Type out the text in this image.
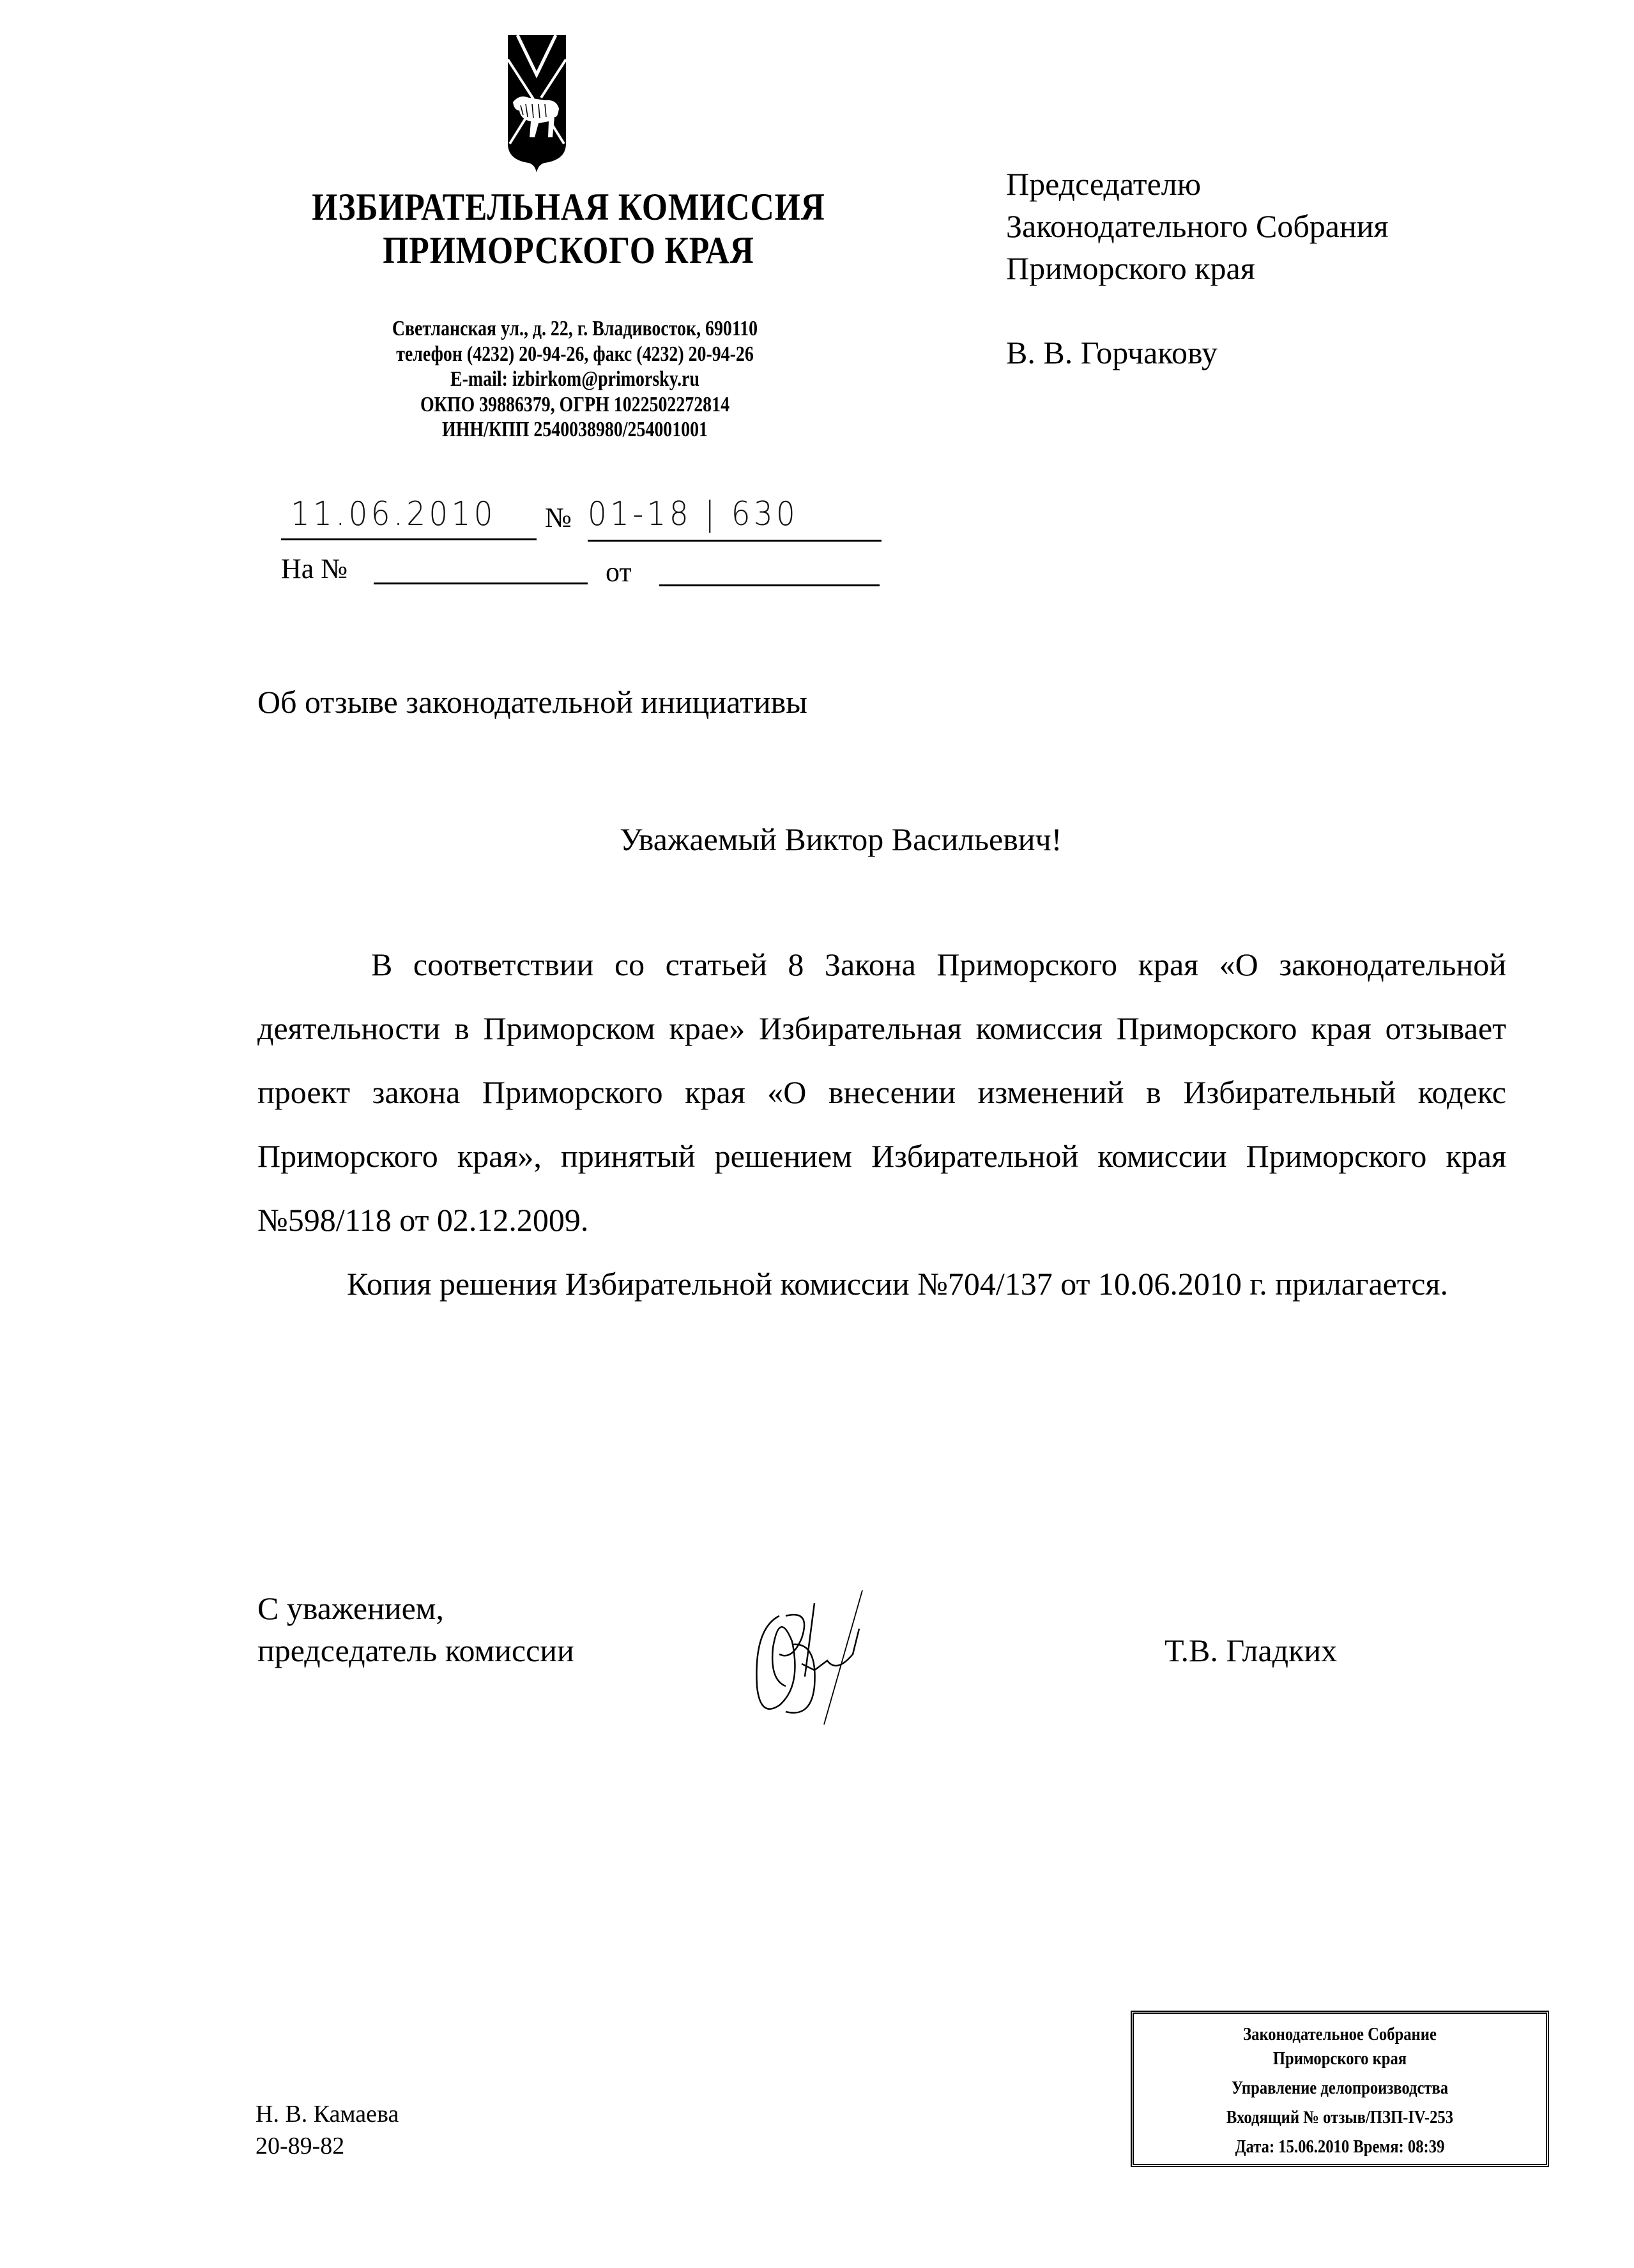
ИЗБИРАТЕЛЬНАЯ КОМИССИЯ
ПРИМОРСКОГО КРАЯ
Светланская ул., д. 22, г. Владивосток, 690110
телефон (4232) 20-94-26, факс (4232) 20-94-26
E-mail: izbirkom@primorsky.ru
ОКПО 39886379, ОГРН 1022502272814
ИНН/КПП 2540038980/254001001
11.06.2010 № 01-18 | 630
На №	от
Председателю
Законодательного Собрания
Приморского края
В. В. Горчакову
Об отзыве законодательной инициативы
Уважаемый Виктор Васильевич!

В соответствии со статьей 8 Закона Приморского края «О законодательной деятельности в Приморском крае» Избирательная комиссия Приморского края отзывает проект закона Приморского края «О внесении изменений в Избирательный кодекс Приморского края», принятый решением Избирательной комиссии Приморского края №598/118 от 02.12.2009.

Копия решения Избирательной комиссии №704/137 от 10.06.2010 г. прилагается.

С уважением,
председатель комиссии	Т.В. Гладких
Законодательное Собрание
Приморского края
Управление делопроизводства
Входящий № отзыв/ПЗП-IV-253
Дата: 15.06.2010 Время: 08:39
Н. В. Камаева
20-89-82
